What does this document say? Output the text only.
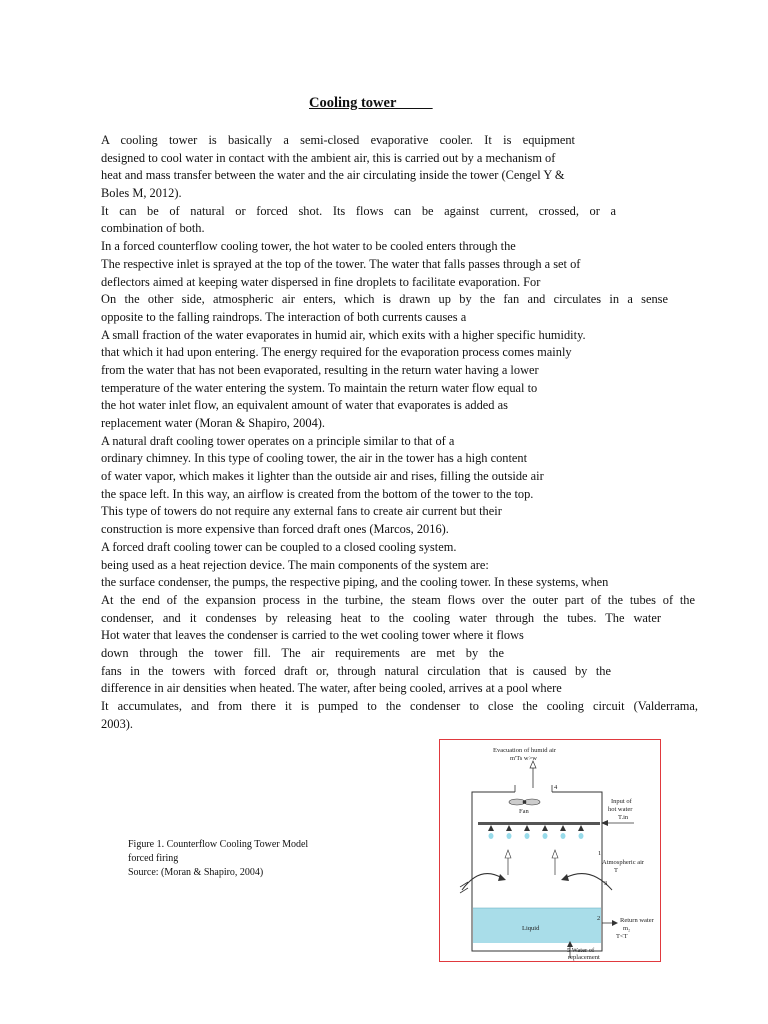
Cooling tower
A cooling tower is basically a semi-closed evaporative cooler. It is equipment
designed to cool water in contact with the ambient air, this is carried out by a mechanism of
heat and mass transfer between the water and the air circulating inside the tower (Cengel Y &
Boles M, 2012).
It can be of natural or forced shot. Its flows can be against current, crossed, or a
combination of both.
In a forced counterflow cooling tower, the hot water to be cooled enters through the
The respective inlet is sprayed at the top of the tower. The water that falls passes through a set of
deflectors aimed at keeping water dispersed in fine droplets to facilitate evaporation. For
On the other side, atmospheric air enters, which is drawn up by the fan and circulates in a sense
opposite to the falling raindrops. The interaction of both currents causes a
A small fraction of the water evaporates in humid air, which exits with a higher specific humidity.
that which it had upon entering. The energy required for the evaporation process comes mainly
from the water that has not been evaporated, resulting in the return water having a lower
temperature of the water entering the system. To maintain the return water flow equal to
the hot water inlet flow, an equivalent amount of water that evaporates is added as
replacement water (Moran & Shapiro, 2004).
A natural draft cooling tower operates on a principle similar to that of a
ordinary chimney. In this type of cooling tower, the air in the tower has a high content
of water vapor, which makes it lighter than the outside air and rises, filling the outside air
the space left. In this way, an airflow is created from the bottom of the tower to the top.
This type of towers do not require any external fans to create air current but their
construction is more expensive than forced draft ones (Marcos, 2016).
A forced draft cooling tower can be coupled to a closed cooling system.
being used as a heat rejection device. The main components of the system are:
the surface condenser, the pumps, the respective piping, and the cooling tower. In these systems, when
At the end of the expansion process in the turbine, the steam flows over the outer part of the tubes of the
condenser, and it condenses by releasing heat to the cooling water through the tubes. The water
Hot water that leaves the condenser is carried to the wet cooling tower where it flows
down through the tower fill. The air requirements are met by the
fans in the towers with forced draft or, through natural circulation that is caused by the
difference in air densities when heated. The water, after being cooled, arrives at a pool where
It accumulates, and from there it is pumped to the condenser to close the cooling circuit (Valderrama,
2003).
Figure 1. Counterflow Cooling Tower Model
forced firing
Source: (Moran & Shapiro, 2004)
Evacuation of humid air
m'Ts w>w
4
Fan
Input of
hot water
T.in
1
Atmospheric air
T
3
Liquid
2	Return water
m₂
T<T
5 Water of
replacement
